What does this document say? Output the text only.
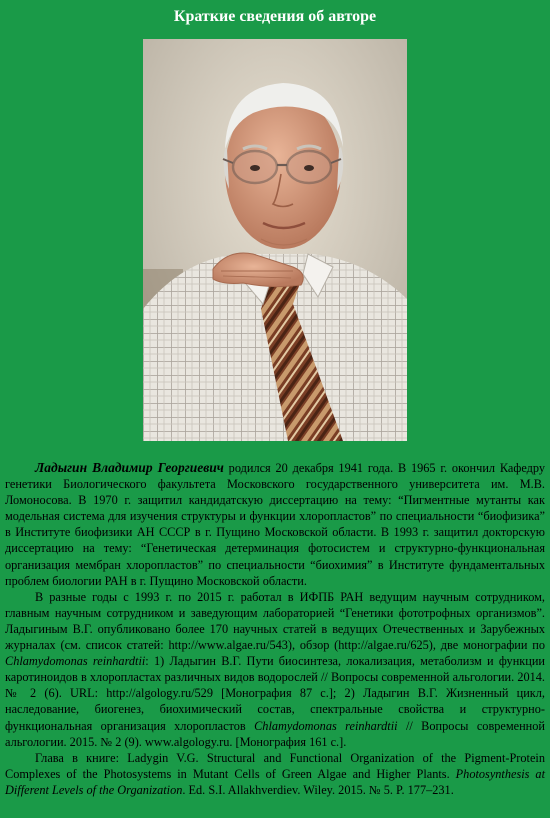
Краткие сведения об авторе

Ладыгин Владимир Георгиевич родился 20 декабря 1941 года. В 1965 г. окончил Кафедру генетики Биологического факультета Московского государственного университета им. М.В. Ломоносова. В 1970 г. защитил кандидатскую диссертацию на тему: “Пигментные мутанты как модельная система для изучения структуры и функции хлоропластов” по специальности “биофизика” в Институте биофизики АН СССР в г. Пущино Московской области. В 1993 г. защитил докторскую диссертацию на тему: “Генетическая детерминация фотосистем и структурно-функциональная организация мембран хлоропластов” по специальности “биохимия” в Институте фундаментальных проблем биологии РАН в г. Пущино Московской области.

В разные годы с 1993 г. по 2015 г. работал в ИФПБ РАН ведущим научным сотрудником, главным научным сотрудником и заведующим лабораторией “Генетики фототрофных организмов”. Ладыгиным В.Г. опубликовано более 170 научных статей в ведущих Отечественных и Зарубежных журналах (см. список статей: http://www.algae.ru/543), обзор (http://algae.ru/625), две монографии по Chlamydomonas reinhardtii: 1) Ладыгин В.Г. Пути биосинтеза, локализация, метаболизм и функции каротиноидов в хлоропластах различных видов водорослей // Вопросы современной альгологии. 2014. № 2 (6). URL: http://algology.ru/529 [Монография 87 с.]; 2) Ладыгин В.Г. Жизненный цикл, наследование, биогенез, биохимический состав, спектральные свойства и структурно-функциональная организация хлоропластов Chlamydomonas reinhardtii // Вопросы современной альгологии. 2015. № 2 (9). www.algology.ru. [Монография 161 с.].

Глава в книге: Ladygin V.G. Structural and Functional Organization of the Pigment-Protein Complexes of the Photosystems in Mutant Cells of Green Algae and Higher Plants. Photosynthesis at Different Levels of the Organization. Ed. S.I. Allakhverdiev. Wiley. 2015. № 5. P. 177–231.
